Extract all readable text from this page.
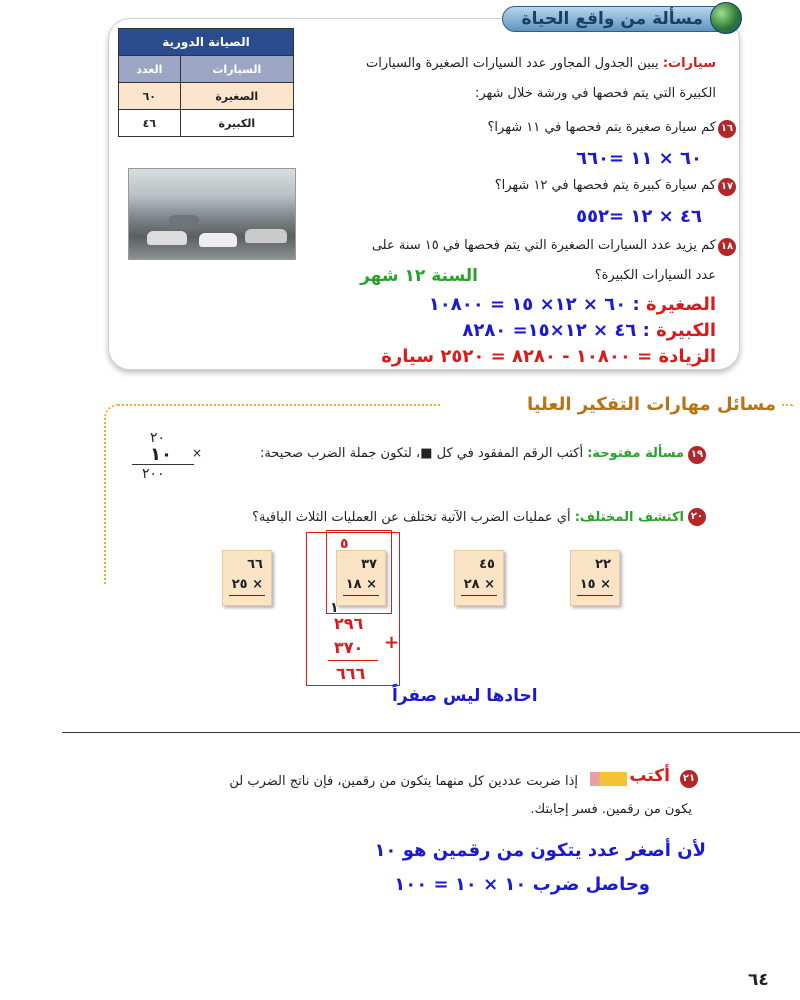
مسألة من واقع الحياة
الصيانة الدورية	
السيارات	العدد
الصغيرة	٦٠
الكبيرة	٤٦
سيارات: يبين الجدول المجاور عدد السيارات الصغيرة والسيارات
الكبيرة التي يتم فحصها في ورشة خلال شهر:
١٦
كم سيارة صغيرة يتم فحصها في ١١ شهرا؟
٦٠ × ١١ =٦٦٠
١٧
كم سيارة كبيرة يتم فحصها في ١٢ شهرا؟
٤٦ × ١٢ =٥٥٢
١٨
كم يزيد عدد السيارات الصغيرة التي يتم فحصها في ١٥ سنة على
عدد السيارات الكبيرة؟
السنة ١٢ شهر
الصغيرة : ٦٠ × ١٢× ١٥ = ١٠٨٠٠
الكبيرة : ٤٦ × ١٢×١٥= ٨٢٨٠
الزيادة = ١٠٨٠٠ - ٨٢٨٠ = ٢٥٢٠ سيارة
مسائل مهارات التفكير العليا
١٩
مسألة مفتوحة: أكتب الرقم المفقود في كل ■، لتكون جملة الضرب صحيحة:
٢٠
×
١٠
٢٠٠
٢٠
اكتشف المختلف: أي عمليات الضرب الآتية تختلف عن العمليات الثلاث الباقية؟
٦٦
٢٥ ×
٣٧
١٨ ×
٤٥
٢٨ ×
٢٢
١٥ ×
٥
١
٢٩٦
٣٧٠ +
٦٦٦
احادها ليس صفراً
٢١
أكتب
إذا ضربت عددين كل منهما يتكون من رقمين، فإن ناتج الضرب لن
يكون من رقمين. فسر إجابتك.
لأن أصغر عدد يتكون من رقمين هو ١٠
وحاصل ضرب ١٠ × ١٠ = ١٠٠
٦٤
